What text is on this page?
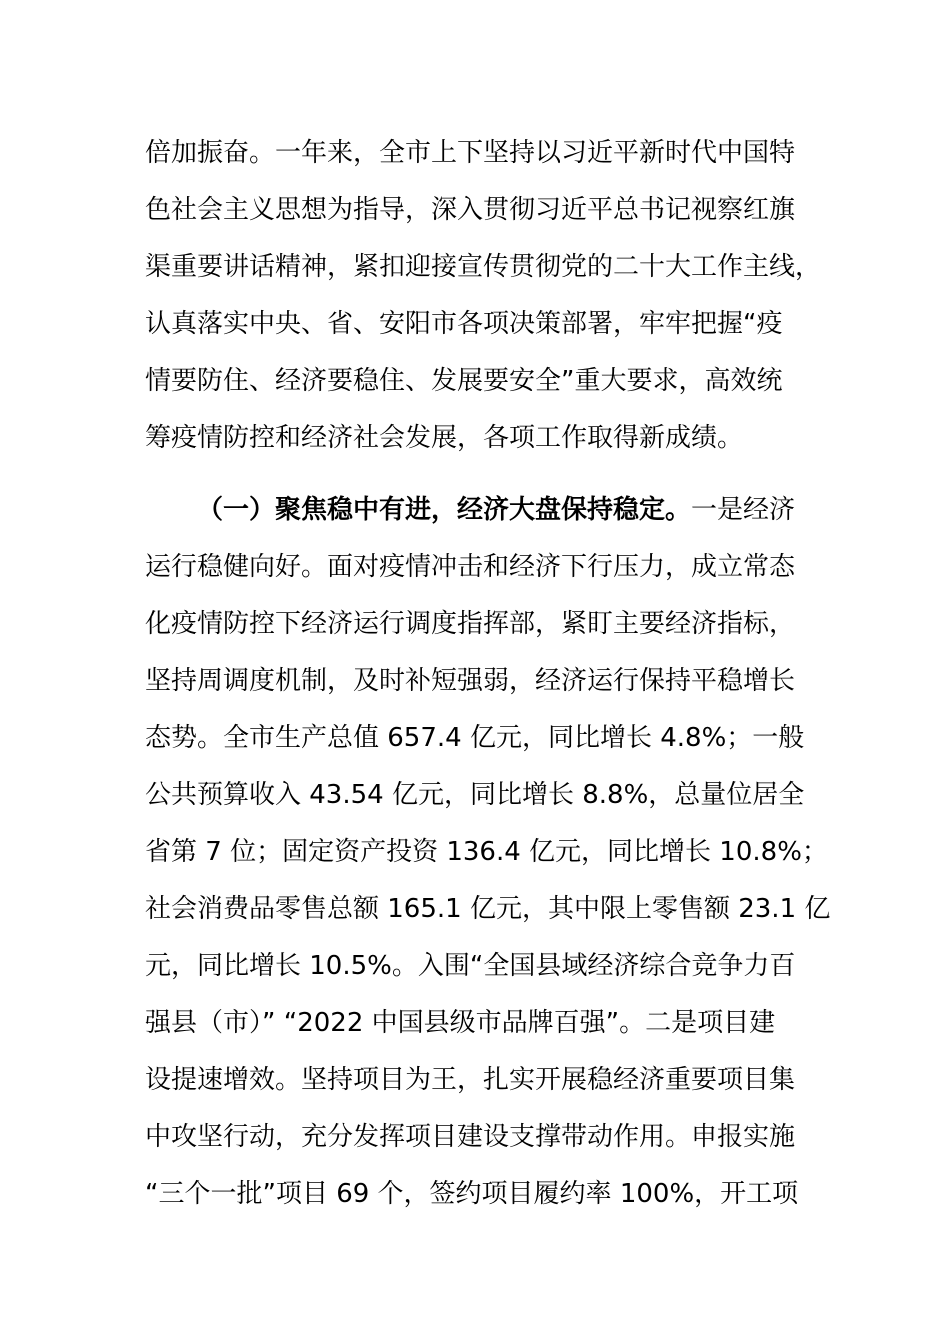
倍加振奋。一年来，全市上下坚持以习近平新时代中国特
色社会主义思想为指导，深入贯彻习近平总书记视察红旗
渠重要讲话精神，紧扣迎接宣传贯彻党的二十大工作主线，
认真落实中央、省、安阳市各项决策部署，牢牢把握“疫
情要防住、经济要稳住、发展要安全”重大要求，高效统
筹疫情防控和经济社会发展，各项工作取得新成绩。
（一）聚焦稳中有进，经济大盘保持稳定。一是经济
运行稳健向好。面对疫情冲击和经济下行压力，成立常态
化疫情防控下经济运行调度指挥部，紧盯主要经济指标，
坚持周调度机制，及时补短强弱，经济运行保持平稳增长
态势。全市生产总值 657.4 亿元，同比增长 4.8%；一般
公共预算收入 43.54 亿元，同比增长 8.8%，总量位居全
省第 7 位；固定资产投资 136.4 亿元，同比增长 10.8%；
社会消费品零售总额 165.1 亿元，其中限上零售额 23.1 亿
元，同比增长 10.5%。入围“全国县域经济综合竞争力百
强县（市）” “2022 中国县级市品牌百强”。二是项目建
设提速增效。坚持项目为王，扎实开展稳经济重要项目集
中攻坚行动，充分发挥项目建设支撑带动作用。申报实施
“三个一批”项目 69 个，签约项目履约率 100%，开工项
